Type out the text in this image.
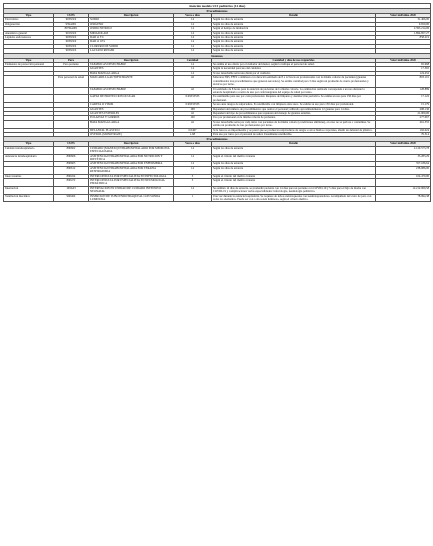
Atención modelo UCI pediátrico (14 días)					
Procedimientos					
Tipo	CUPS	Descripción	Veces o días	Detalle	Valor individuo 2020
Electrolitos	903XXX	SODIO	14	Según los días de estancia	31.466,00
Oxigenación	939A001	OXÍGENO	14	Según los días de estancia	9.650,00
	807DA001	ÓXIDO NÍTRICO	14	Según el tiempo de intubación	2.393.214,06
Anestésico general	901XXX	MIDAZOLAM	14	Según los días de estancia	1.894.857,27
Líquidos endovenosos	903XXX	DAD al 5%	14	Según los días de estancia	858.219
	903XXX	DAD al 10%	14	Según los días de estancia	
	903XXX	CLORURO DE SODIO	14	Según los días de estancia	
	903XXX	LACTATO RINGER	14	Según los días de estancia	
Insumos					
Tipo	Para	Descripción	Cantidad	Cantidad y días de uso requeridos	Valor individuo 2020
Elementos de protección personal	Para paciente	TAPABOCAS DESECHABLE	14	Se estima el uso diario por el cuidador del menor, según lo indique el personal de salud.	65.968
		GUANTES	14	Según la necesidad para uso del cuidador.	17.365
		BATA MANGA LARGA	14	Si uso desechable seria una diaria por el cuidador.	124.452
	Para personal de salud	MASCARILLA AUTOFILTRANTE	42	Máscaras N95, FFP2 o similares con duración estimada de 8 a 12 horas en profesionales con la misma cohorte de pacientes (guantes contaminados tras procedimientos que generan aerosoles). Se estima cantidad para 3 días según un promedio de cuatro profesionales y técnicos por turno.	803.101
		TAPABOCAS DESECHABLE	42	Un estimado de 8 horas para la atención de pacientes de la misma cohorte. La estimación realizada corresponde a un uso durante la estancia hospitalaria a razón de uno por cada integrante del equipo de salud por turno.	128.889
		GAFAS DE PROTECCIÓN OCULAR	0.99333333	Es reutilizable para uso por cada profesional. Requiere de limpieza y desinfección periódica. Se estima un uso para 150 días por profesional.	17.122
		CARETA O VISOR	0.99333333	Se usa ante riesgos de salpicadura. Es reutilizable con limpieza entre usos. Se estima su uso para 150 días por profesional.	15.179
		GUANTES	168	Dependerá del número de procedimientos que realice el personal; utilizado aproximadamente 12 guantes para 14 días.	208.136
		GUANTES ESTÉRILES	42	Dependerá del tipo de procedimientos que requieran del manejo de guantes estériles.	21.000,00
		POLAINAS Y GORROS	126	Uso por profesional en la misma cohorte de pacientes.	277.067
		BATA MANGA LARGA	42	Si uso desechable seria por cada turno con pacientes de la misma cohorte (condiciones similares), en caso no se perfore o contamine. Se estima un promedio de tres profesionales por turno.	461.355
		DELANTAL PLÁSTICO	0.0467	Si la bata no es impermeable y se prevé que se produzcan salpicaduras de sangre u otros fluidos corporales, añadir un delantal de plástico.	192.024
		OVEROL (MONOTRAJE)	1.68	Para uso por turno por el personal de salud. Usualmente reutilizable.	76.314
Procedimientos					
Tipo	CUPS	Descripción	Veces o días	Detalle	Valor individuo 2020
Cuidado intrahospitalario	890602	CUIDADO (MANEJO) INTRAHOSPITALARIO POR MEDICINA ESPECIALIZADA	14	Según los días de estancia	2.129.573,78
Asistencia intrahospitalaria	890606	ASISTENCIA INTRAHOSPITALARIA POR NUTRICIÓN Y DIETÉTICA	14	Según el criterio del médico tratante	35.283,29
	890605	ASISTENCIA INTRAHOSPITALARIA POR ENFERMERÍA	14	Según los días de estancia	357.186,64
	890612	ASISTENCIA INTRAHOSPITALARIA POR TERAPIA RESPIRATORIA	14	Según los días de estancia	238.086,00
Interconsultas	890454	INTERCONSULTA POR ESPECIALISTA EN INFECTOLOGÍA	3	Según el criterio del médico tratante	104.470,00
	890472	INTERCONSULTA POR ESPECIALISTA EN NEUMOLOGÍA PEDIÁTRICA	3	Según el criterio del médico tratante	
Internación	109A03	INTERNACIÓN EN UNIDAD DE CUIDADO INTENSIVO NEONATAL	14	Se estiman 14 días de estancia, se promedió paciente con 14 días para un paciente con COVID-19 y 5 días para el hijo de madre con COVID-19 y complicaciones varias especialidades: infectología, neumología pediátrica.	12.212.069,58
Ventilación mecánica	960404	INSERCIÓN DE TUBO ENDOTRAQUEAL CON SONDA LUMINOSA	1	Una vez durante la estancia hospitalaria. Se requiere de tubos endotraqueales con neumotaponadores. Acompañado del carro de paro con todos los elementos. Puede ser con o sin sonda luminosa, según el criterio médico.	78.994,38
